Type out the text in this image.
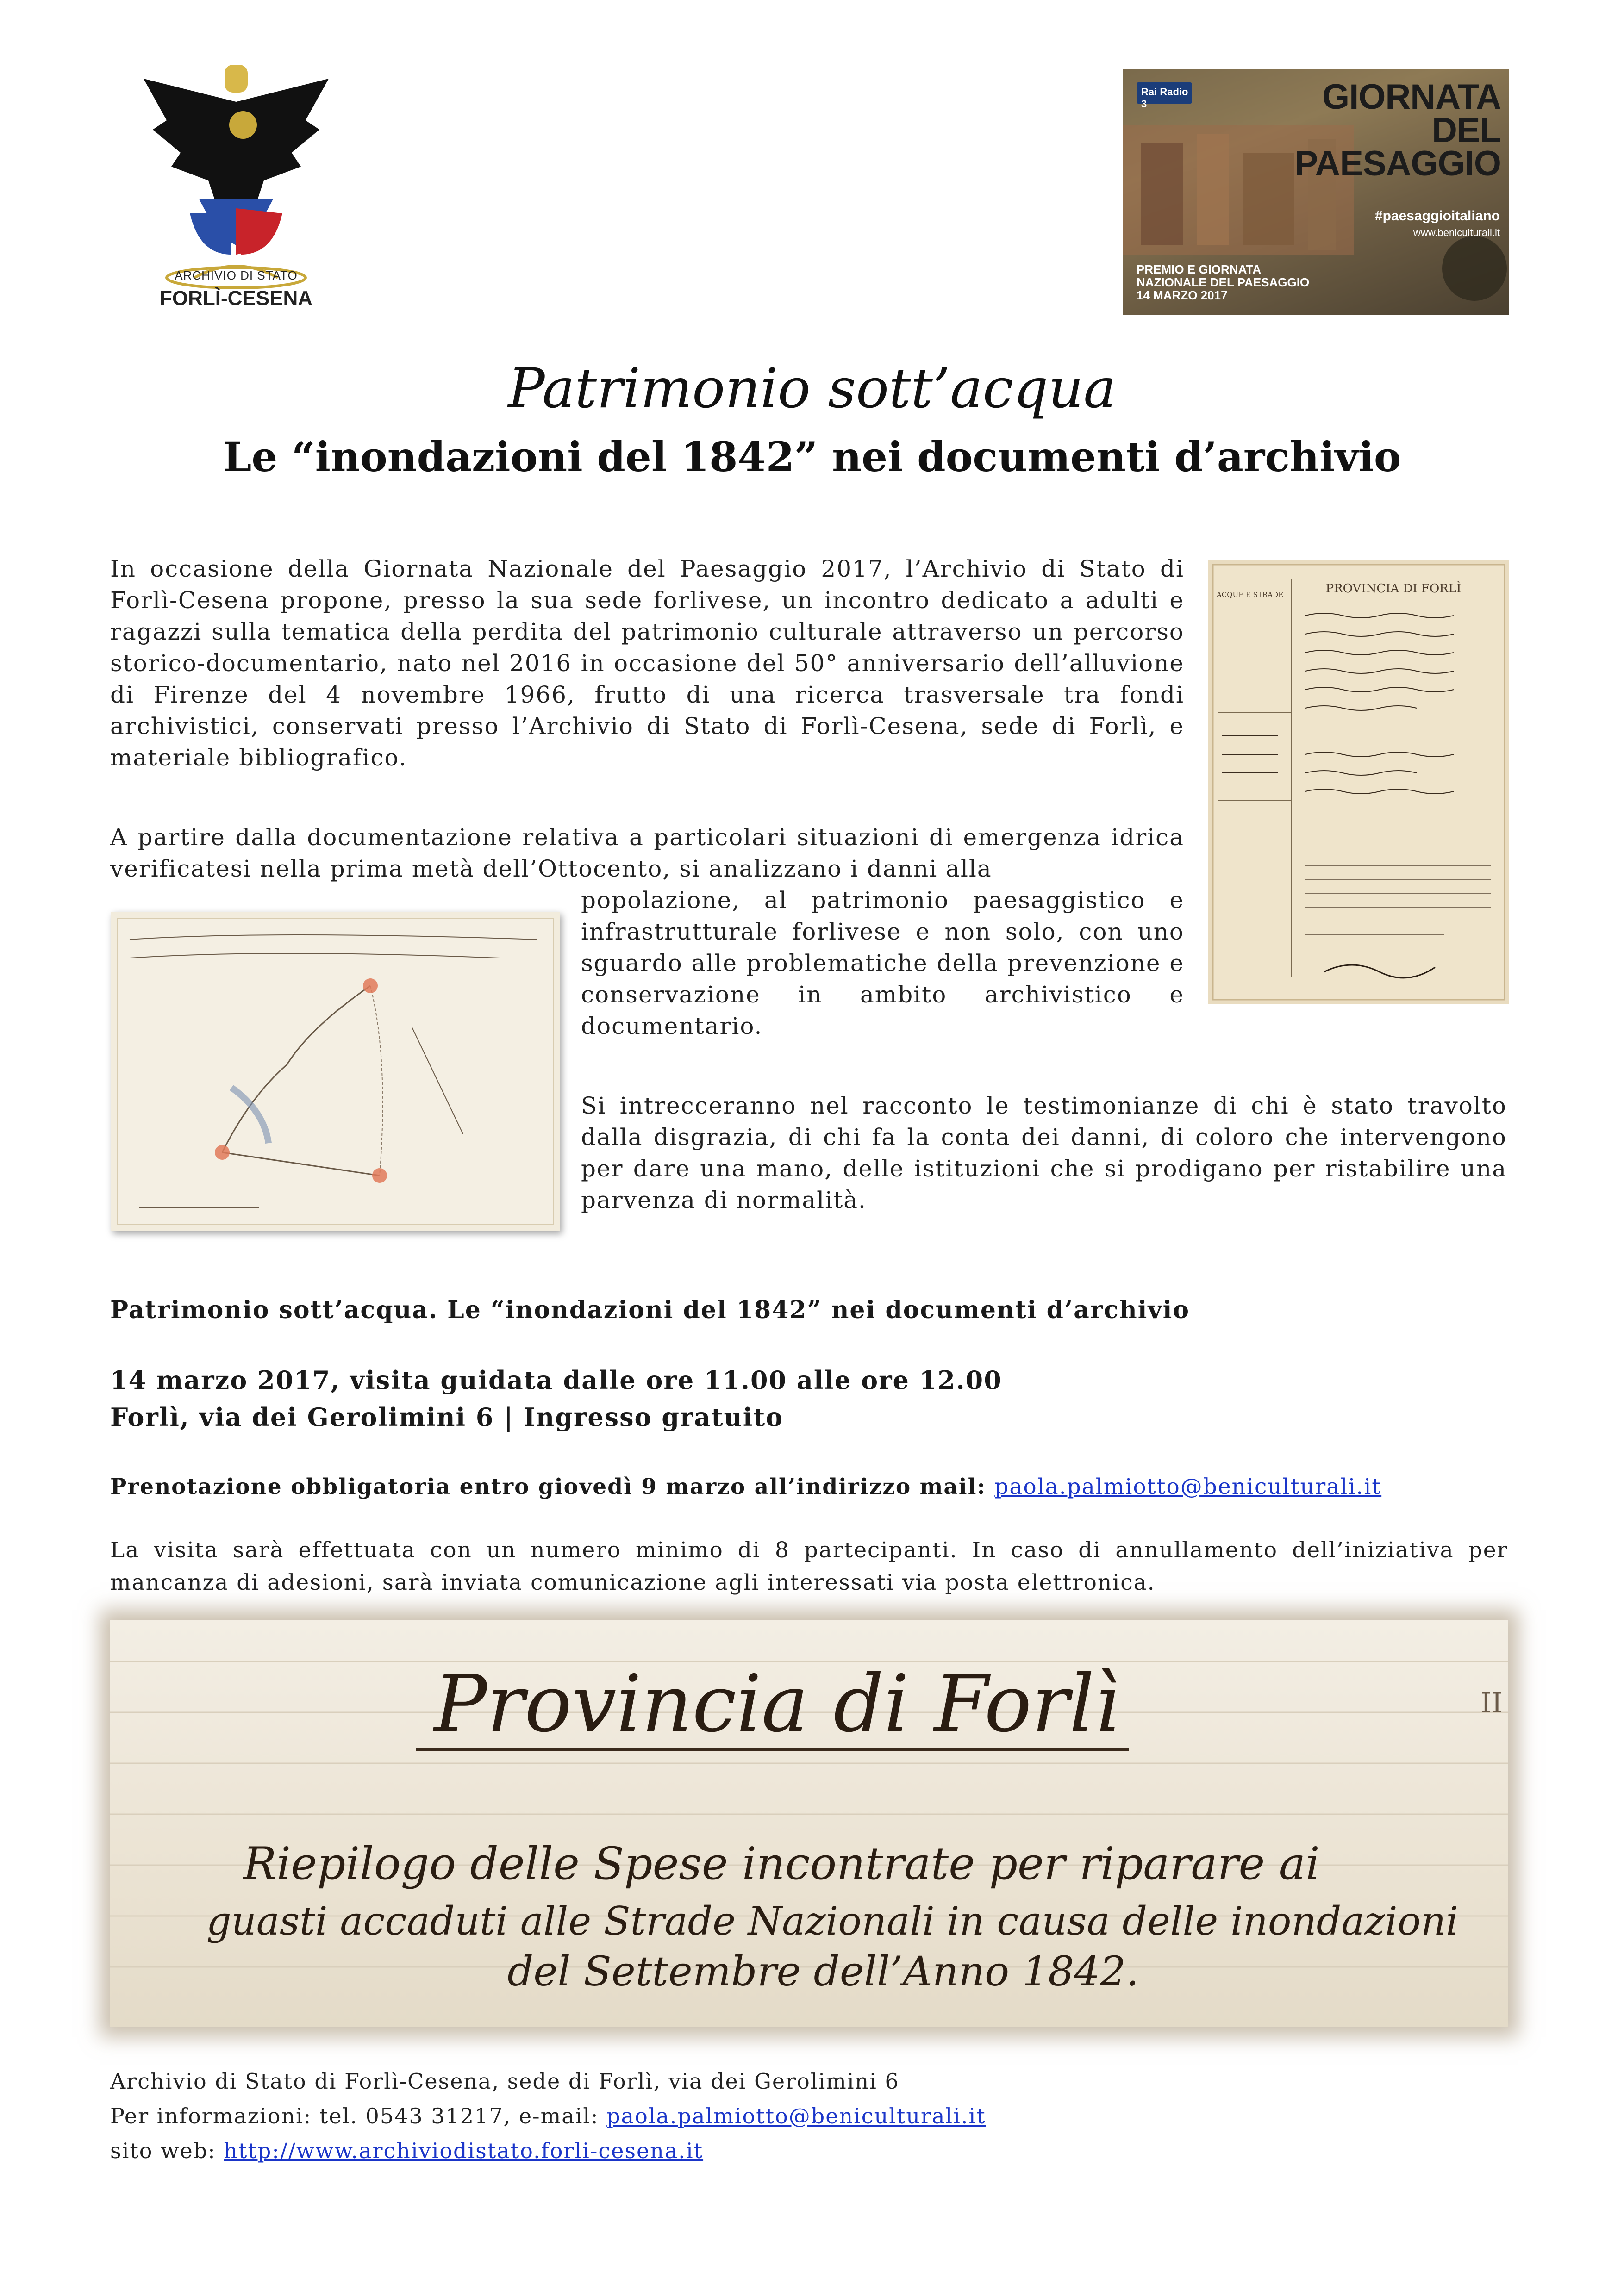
ARCHIVIO DI STATO
FORLÌ-CESENA
Rai Radio 3	GIORNATA
DEL
PAESAGGIO
#paesaggioitaliano
www.beniculturali.it
PREMIO E GIORNATA
NAZIONALE DEL PAESAGGIO
14 MARZO 2017
Patrimonio sott’acqua
Le “inondazioni del 1842” nei documenti d’archivio
In occasione della Giornata Nazionale del Paesaggio 2017, l’Archivio di Stato di Forlì-Cesena propone, presso la sua sede forlivese, un incontro dedicato a adulti e ragazzi sulla tematica della perdita del patrimonio culturale attraverso un percorso storico-documentario, nato nel 2016 in occasione del 50° anniversario dell’alluvione di Firenze del 4 novembre 1966, frutto di una ricerca trasversale tra fondi archivistici, conservati presso l’Archivio di Stato di Forlì-Cesena, sede di Forlì, e materiale bibliografico.
A partire dalla documentazione relativa a particolari situazioni di emergenza idrica verificatesi nella prima metà dell’Ottocento, si analizzano i danni alla
popolazione, al patrimonio paesaggistico e infrastrutturale forlivese e non solo, con uno sguardo alle problematiche della prevenzione e conservazione in ambito archivistico e documentario.
Si intrecceranno nel racconto le testimonianze di chi è stato travolto dalla disgrazia, di chi fa la conta dei danni, di coloro che intervengono per dare una mano, delle istituzioni che si prodigano per ristabilire una parvenza di normalità.
PROVINCIA DI FORLÌ
ACQUE E STRADE
Patrimonio sott’acqua. Le “inondazioni del 1842” nei documenti d’archivio
14 marzo 2017, visita guidata dalle ore 11.00 alle ore 12.00
Forlì, via dei Gerolimini 6 | Ingresso gratuito
Prenotazione obbligatoria entro giovedì 9 marzo all’indirizzo mail: paola.palmiotto@beniculturali.it
La visita sarà effettuata con un numero minimo di 8 partecipanti. In caso di annullamento dell’iniziativa per mancanza di adesioni, sarà inviata comunicazione agli interessati via posta elettronica.
Provincia di Forlì
Riepilogo delle Spese incontrate per riparare ai
guasti accaduti alle Strade Nazionali in causa delle inondazioni
del Settembre dell’Anno 1842.
II
Archivio di Stato di Forlì-Cesena, sede di Forlì, via dei Gerolimini 6
Per informazioni: tel. 0543 31217, e-mail: paola.palmiotto@beniculturali.it
sito web: http://www.archiviodistato.forli-cesena.it
